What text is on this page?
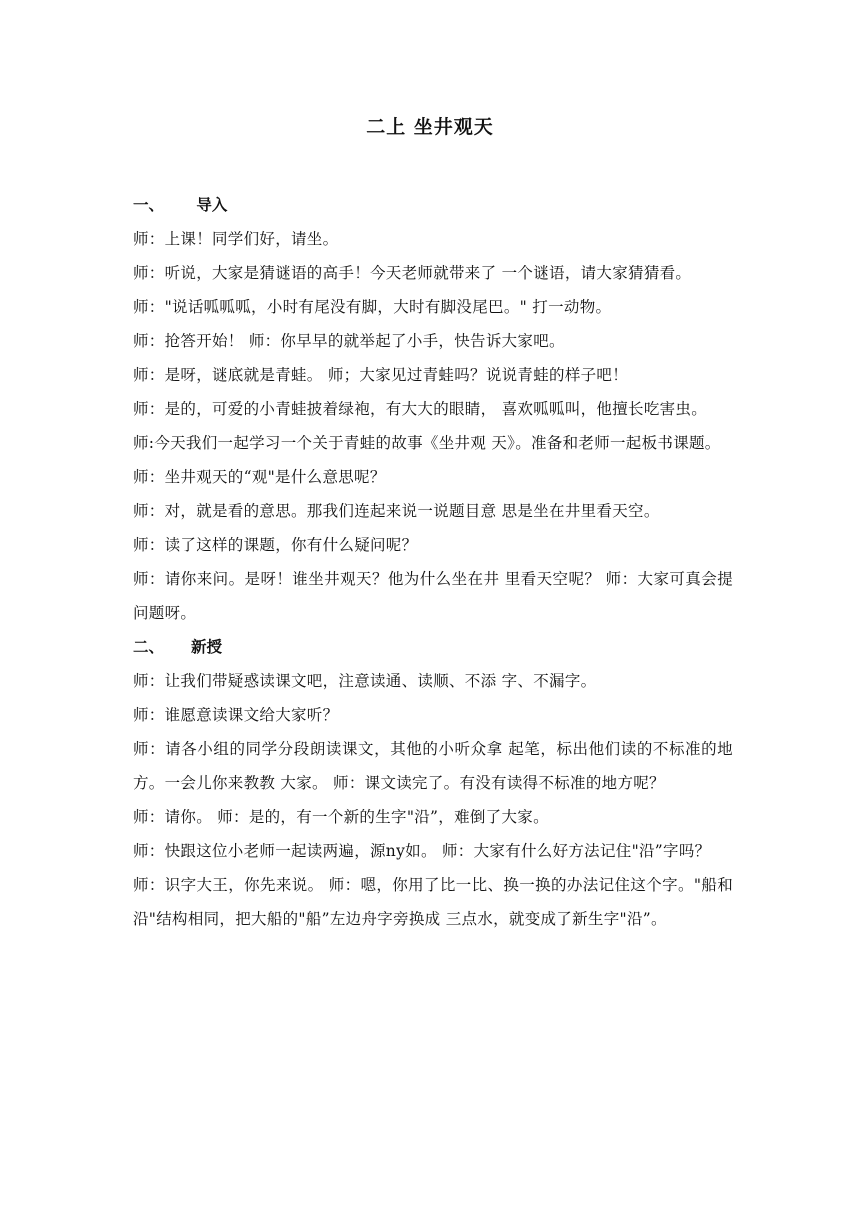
二上 坐井观天
一、      导入

师：上课！同学们好，请坐。

师：听说，大家是猜谜语的高手！今天老师就带来了 一个谜语，请大家猜猜看。

师："说话呱呱呱，小时有尾没有脚，大时有脚没尾巴。" 打一动物。

师：抢答开始！ 师：你早早的就举起了小手，快告诉大家吧。

师：是呀，谜底就是青蛙。 师；大家见过青蛙吗？说说青蛙的样子吧！

师：是的，可爱的小青蛙披着绿袍，有大大的眼睛， 喜欢呱呱叫，他擅长吃害虫。

师:今天我们一起学习一个关于青蛙的故事《坐井观 天》。准备和老师一起板书课题。

师：坐井观天的“观"是什么意思呢？

师：对，就是看的意思。那我们连起来说一说题目意 思是坐在井里看天空。

师：读了这样的课题，你有什么疑问呢？

师：请你来问。是呀！谁坐井观天？他为什么坐在井 里看天空呢？ 师：大家可真会提问题呀。

二、     新授

师：让我们带疑惑读课文吧，注意读通、读顺、不添 字、不漏字。

师：谁愿意读课文给大家听？

师：请各小组的同学分段朗读课文，其他的小听众拿 起笔，标出他们读的不标准的地方。一会儿你来教教 大家。 师：课文读完了。有没有读得不标准的地方呢？

师：请你。 师：是的，有一个新的生字"沿”，难倒了大家。

师：快跟这位小老师一起读两遍，源ny如。 师：大家有什么好方法记住"沿”字吗？

师：识字大王，你先来说。 师：嗯，你用了比一比、换一换的办法记住这个字。"船和沿"结构相同，把大船的"船”左边舟字旁换成 三点水，就变成了新生字"沿”。
